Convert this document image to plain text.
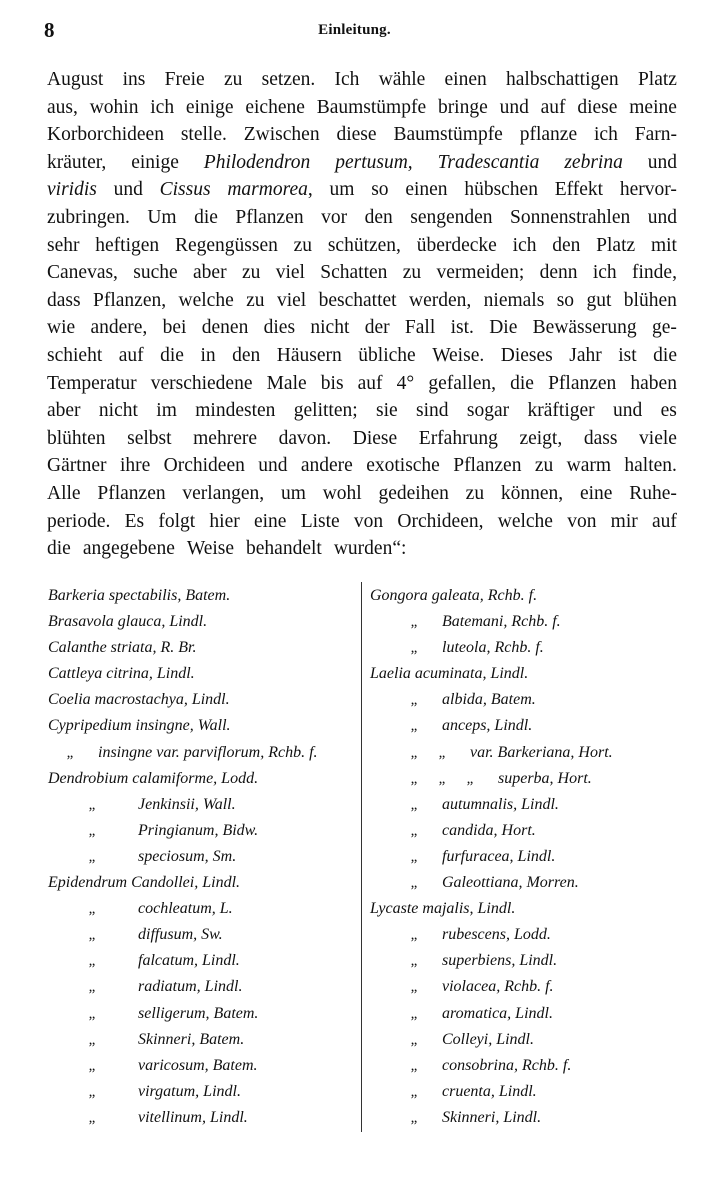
8	Einleitung.
August ins Freie zu setzen. Ich wähle einen halbschattigen Platz
aus, wohin ich einige eichene Baumstümpfe bringe und auf diese meine
Korborchideen stelle. Zwischen diese Baumstümpfe pflanze ich Farn-
kräuter, einige Philodendron pertusum, Tradescantia zebrina und
viridis und Cissus marmorea, um so einen hübschen Effekt hervor-
zubringen. Um die Pflanzen vor den sengenden Sonnenstrahlen und
sehr heftigen Regengüssen zu schützen, überdecke ich den Platz mit
Canevas, suche aber zu viel Schatten zu vermeiden; denn ich finde,
dass Pflanzen, welche zu viel beschattet werden, niemals so gut blühen
wie andere, bei denen dies nicht der Fall ist. Die Bewässerung ge-
schieht auf die in den Häusern übliche Weise. Dieses Jahr ist die
Temperatur verschiedene Male bis auf 4° gefallen, die Pflanzen haben
aber nicht im mindesten gelitten; sie sind sogar kräftiger und es
blühten selbst mehrere davon. Diese Erfahrung zeigt, dass viele
Gärtner ihre Orchideen und andere exotische Pflanzen zu warm halten.
Alle Pflanzen verlangen, um wohl gedeihen zu können, eine Ruhe-
periode. Es folgt hier eine Liste von Orchideen, welche von mir auf
die angegebene Weise behandelt wurden“:
Barkeria spectabilis, Batem.
Brasavola glauca, Lindl.
Calanthe striata, R. Br.
Cattleya citrina, Lindl.
Coelia macrostachya, Lindl.
Cypripedium insingne, Wall.
„ insingne var. parviflorum, Rchb. f.
Dendrobium calamiforme, Lodd.
„	Jenkinsii, Wall.
„	Pringianum, Bidw.
„	speciosum, Sm.
Epidendrum Candollei, Lindl.
„	cochleatum, L.
„	diffusum, Sw.
„	falcatum, Lindl.
„	radiatum, Lindl.
„	selligerum, Batem.
„	Skinneri, Batem.
„	varicosum, Batem.
„	virgatum, Lindl.
„	vitellinum, Lindl.
Gongora galeata, Rchb. f.
„ Batemani, Rchb. f.
„ luteola, Rchb. f.
Laelia acuminata, Lindl.
„ albida, Batem.
„ anceps, Lindl.
„ „ var. Barkeriana, Hort.
„ „ „ superba, Hort.
„ autumnalis, Lindl.
„ candida, Hort.
„ furfuracea, Lindl.
„ Galeottiana, Morren.
Lycaste majalis, Lindl.
„ rubescens, Lodd.
„ superbiens, Lindl.
„ violacea, Rchb. f.
„ aromatica, Lindl.
„ Colleyi, Lindl.
„ consobrina, Rchb. f.
„ cruenta, Lindl.
„ Skinneri, Lindl.
